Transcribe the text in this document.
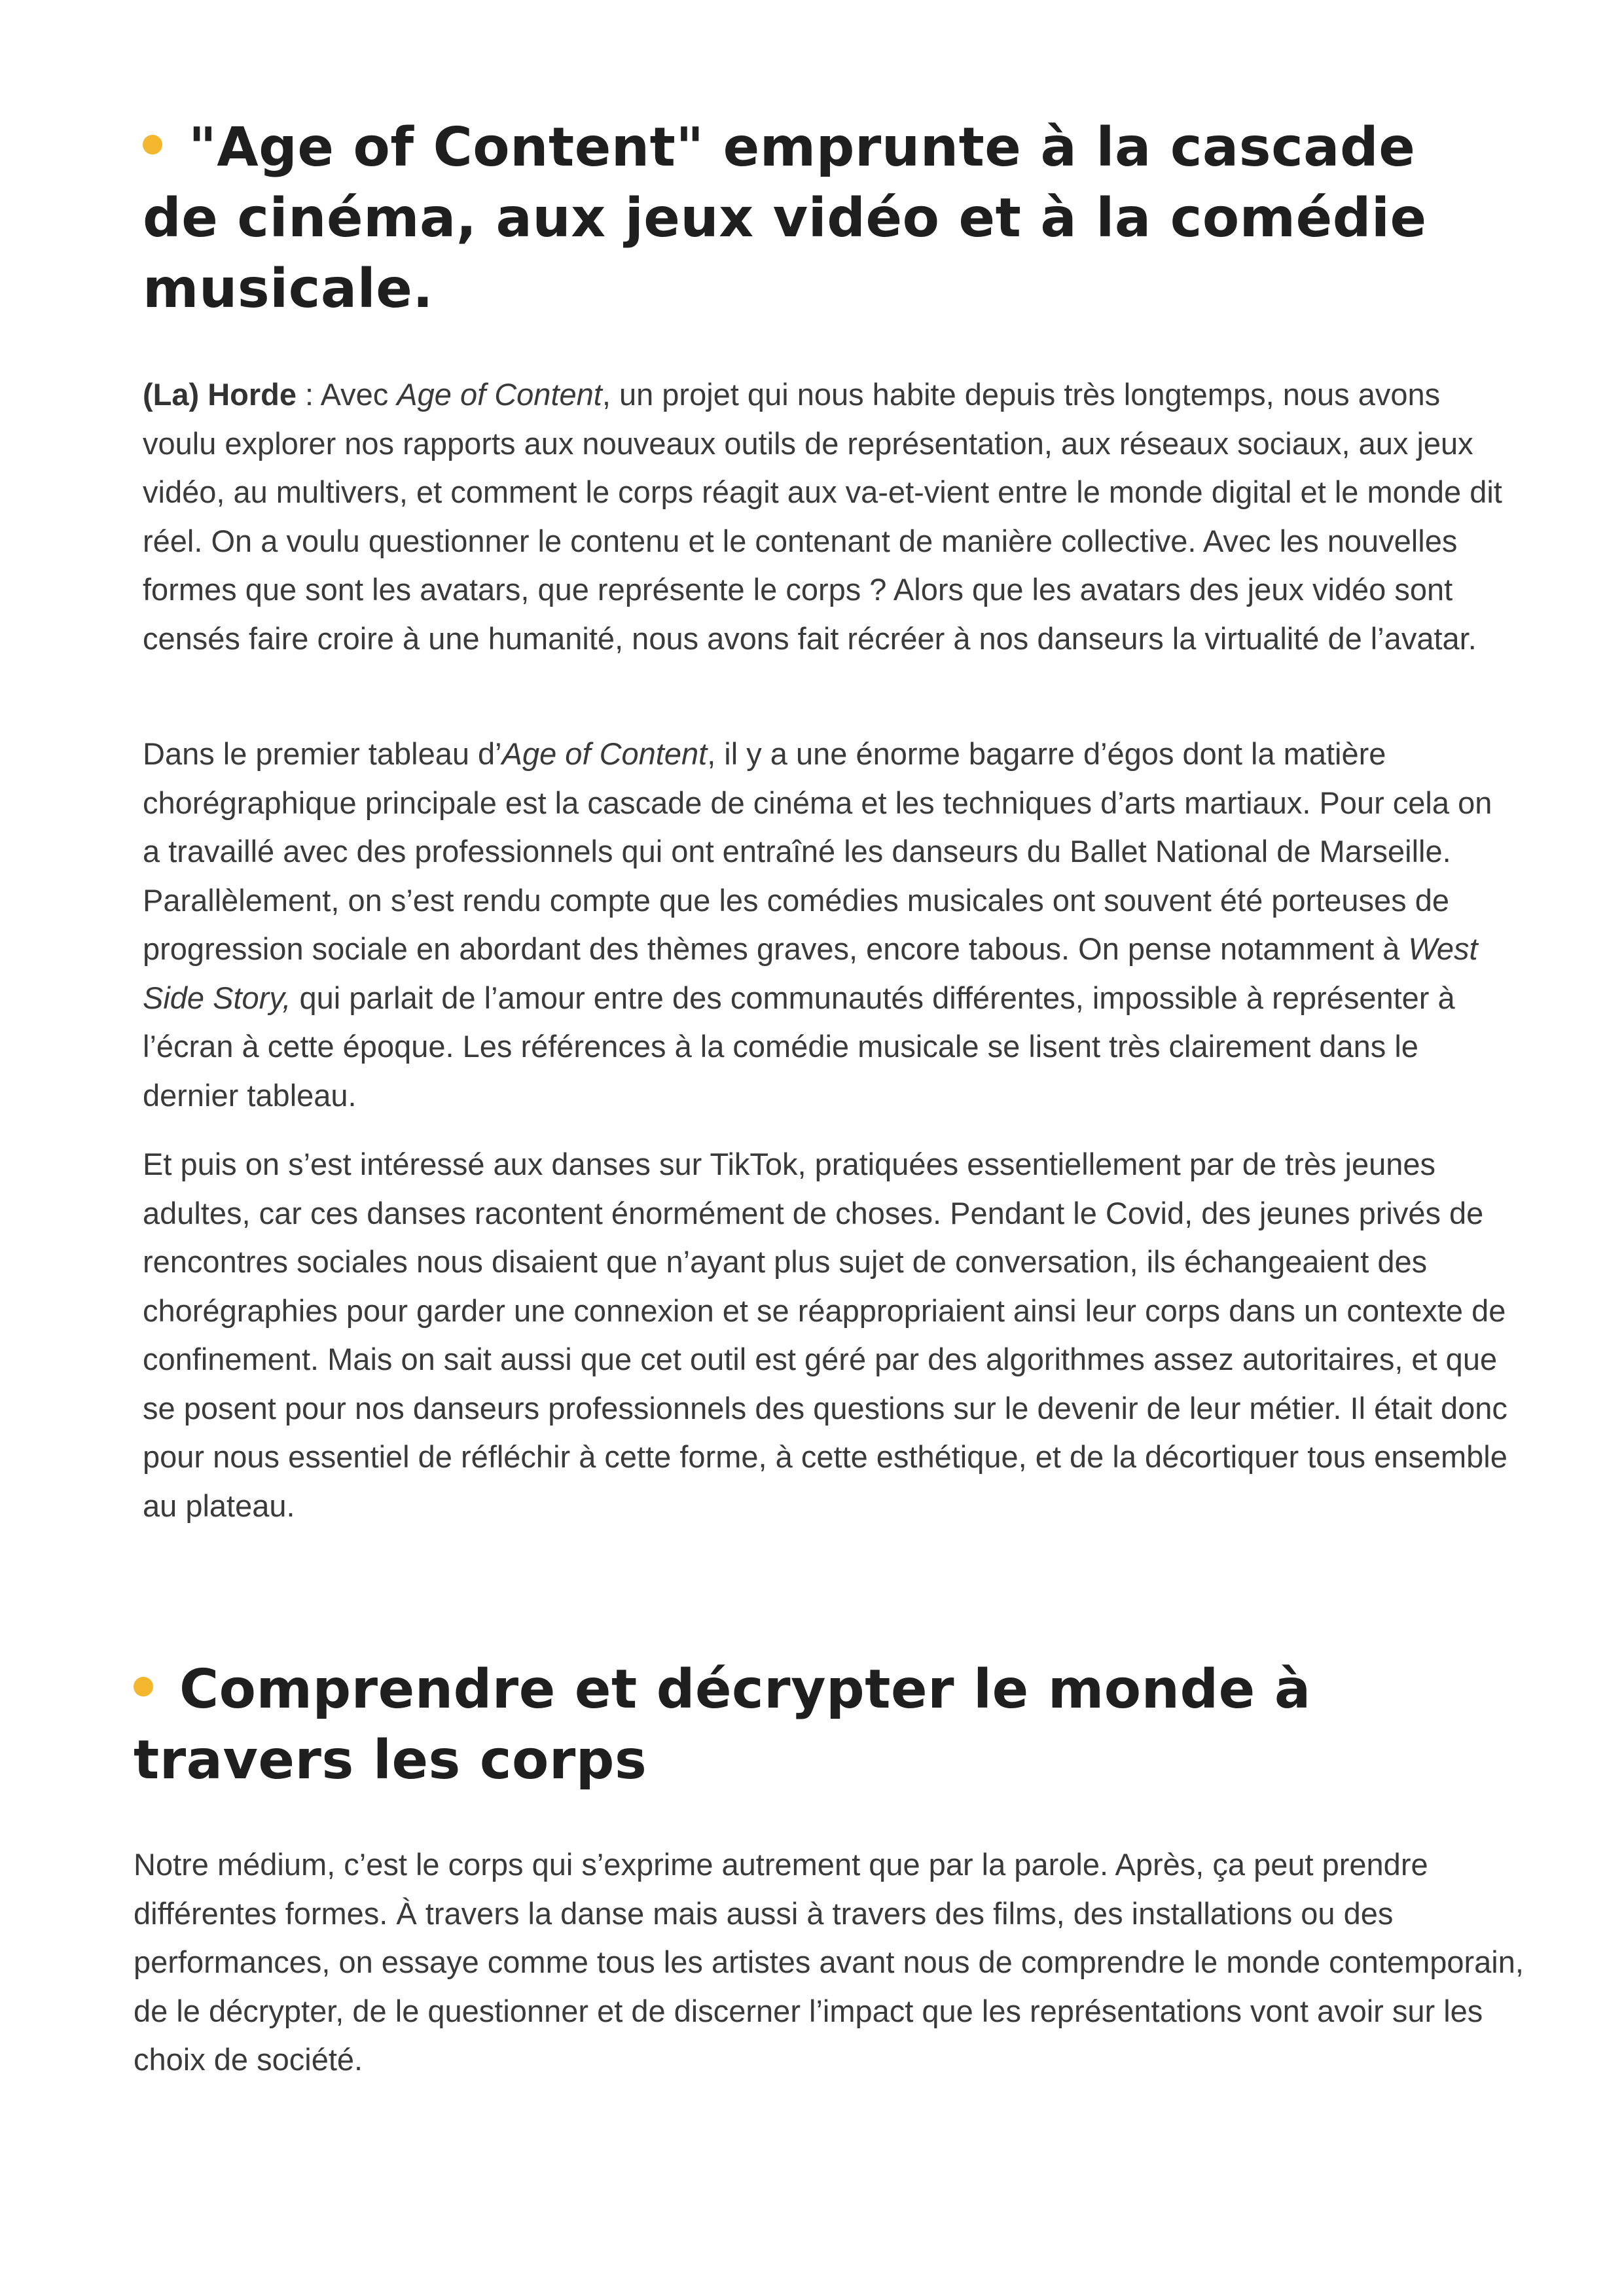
"Age of Content" emprunte à la cascade de cinéma, aux jeux vidéo et à la comédie musicale.

(La) Horde : Avec Age of Content, un projet qui nous habite depuis très longtemps, nous avons voulu explorer nos rapports aux nouveaux outils de représentation, aux réseaux sociaux, aux jeux vidéo, au multivers, et comment le corps réagit aux va-et-vient entre le monde digital et le monde dit réel. On a voulu questionner le contenu et le contenant de manière collective. Avec les nouvelles formes que sont les avatars, que représente le corps ? Alors que les avatars des jeux vidéo sont censés faire croire à une humanité, nous avons fait récréer à nos danseurs la virtualité de l’avatar.

Dans le premier tableau d’Age of Content, il y a une énorme bagarre d’égos dont la matière chorégraphique principale est la cascade de cinéma et les techniques d’arts martiaux. Pour cela on a travaillé avec des professionnels qui ont entraîné les danseurs du Ballet National de Marseille. Parallèlement, on s’est rendu compte que les comédies musicales ont souvent été porteuses de progression sociale en abordant des thèmes graves, encore tabous. On pense notamment à West Side Story, qui parlait de l’amour entre des communautés différentes, impossible à représenter à l’écran à cette époque. Les références à la comédie musicale se lisent très clairement dans le dernier tableau.

Et puis on s’est intéressé aux danses sur TikTok, pratiquées essentiellement par de très jeunes adultes, car ces danses racontent énormément de choses. Pendant le Covid, des jeunes privés de rencontres sociales nous disaient que n’ayant plus sujet de conversation, ils échangeaient des chorégraphies pour garder une connexion et se réappropriaient ainsi leur corps dans un contexte de confinement. Mais on sait aussi que cet outil est géré par des algorithmes assez autoritaires, et que se posent pour nos danseurs professionnels des questions sur le devenir de leur métier. Il était donc pour nous essentiel de réfléchir à cette forme, à cette esthétique, et de la décortiquer tous ensemble au plateau.

Comprendre et décrypter le monde à travers les corps

Notre médium, c’est le corps qui s’exprime autrement que par la parole. Après, ça peut prendre différentes formes. À travers la danse mais aussi à travers des films, des installations ou des performances, on essaye comme tous les artistes avant nous de comprendre le monde contemporain, de le décrypter, de le questionner et de discerner l’impact que les représentations vont avoir sur les choix de société.
